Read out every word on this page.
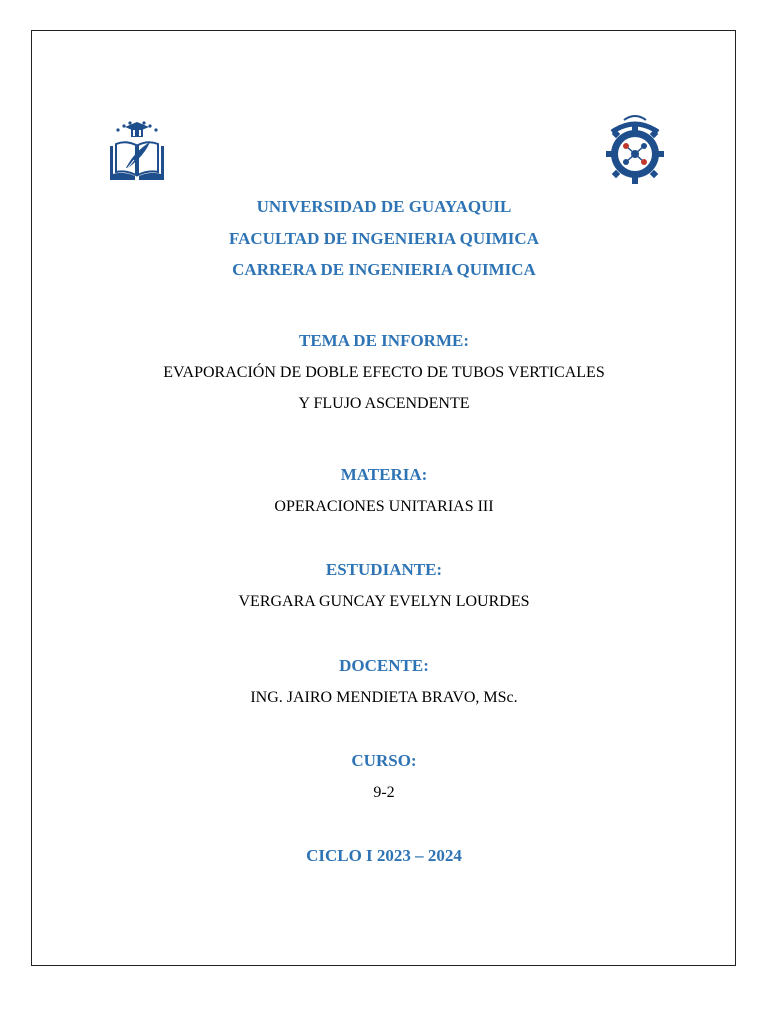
UNIVERSIDAD DE GUAYAQUIL
FACULTAD DE INGENIERIA QUIMICA
CARRERA DE INGENIERIA QUIMICA
TEMA DE INFORME:
EVAPORACIÓN DE DOBLE EFECTO DE TUBOS VERTICALES
Y FLUJO ASCENDENTE
MATERIA:
OPERACIONES UNITARIAS III
ESTUDIANTE:
VERGARA GUNCAY EVELYN LOURDES
DOCENTE:
ING. JAIRO MENDIETA BRAVO, MSc.
CURSO:
9-2
CICLO I 2023 – 2024
